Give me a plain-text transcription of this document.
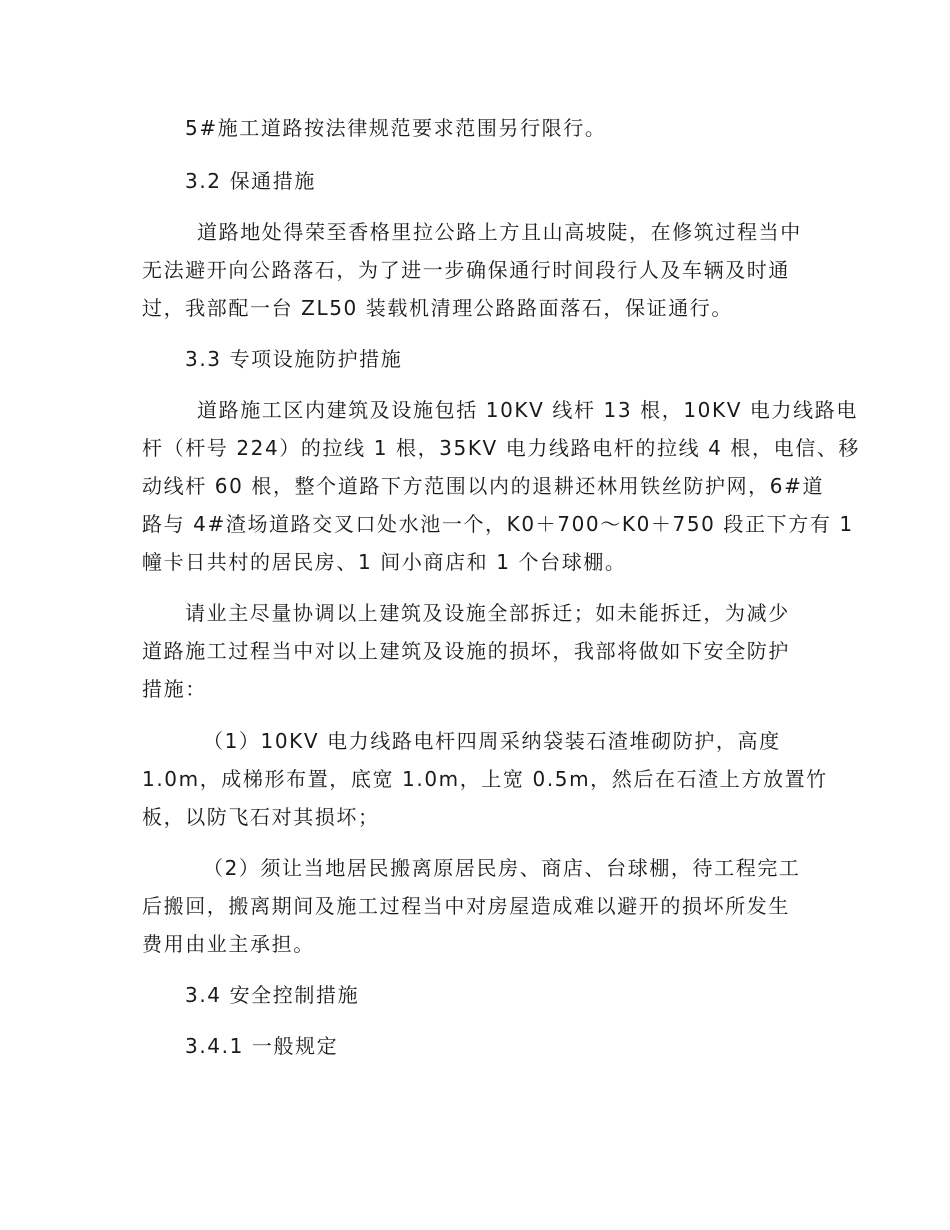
5#施工道路按法律规范要求范围另行限行。
3.2 保通措施
道路地处得荣至香格里拉公路上方且山高坡陡，在修筑过程当中
无法避开向公路落石，为了进一步确保通行时间段行人及车辆及时通
过，我部配一台 ZL50 装载机清理公路路面落石，保证通行。
3.3 专项设施防护措施
道路施工区内建筑及设施包括 10KV 线杆 13 根，10KV 电力线路电
杆（杆号 224）的拉线 1 根，35KV 电力线路电杆的拉线 4 根，电信、移
动线杆 60 根，整个道路下方范围以内的退耕还林用铁丝防护网，6#道
路与 4#渣场道路交叉口处水池一个，K0＋700～K0＋750 段正下方有 1
幢卡日共村的居民房、1 间小商店和 1 个台球棚。
请业主尽量协调以上建筑及设施全部拆迁；如未能拆迁，为减少
道路施工过程当中对以上建筑及设施的损坏，我部将做如下安全防护
措施：
（1）10KV 电力线路电杆四周采纳袋装石渣堆砌防护，高度
1.0m，成梯形布置，底宽 1.0m，上宽 0.5m，然后在石渣上方放置竹
板，以防飞石对其损坏；
（2）须让当地居民搬离原居民房、商店、台球棚，待工程完工
后搬回，搬离期间及施工过程当中对房屋造成难以避开的损坏所发生
费用由业主承担。
3.4 安全控制措施
3.4.1 一般规定
